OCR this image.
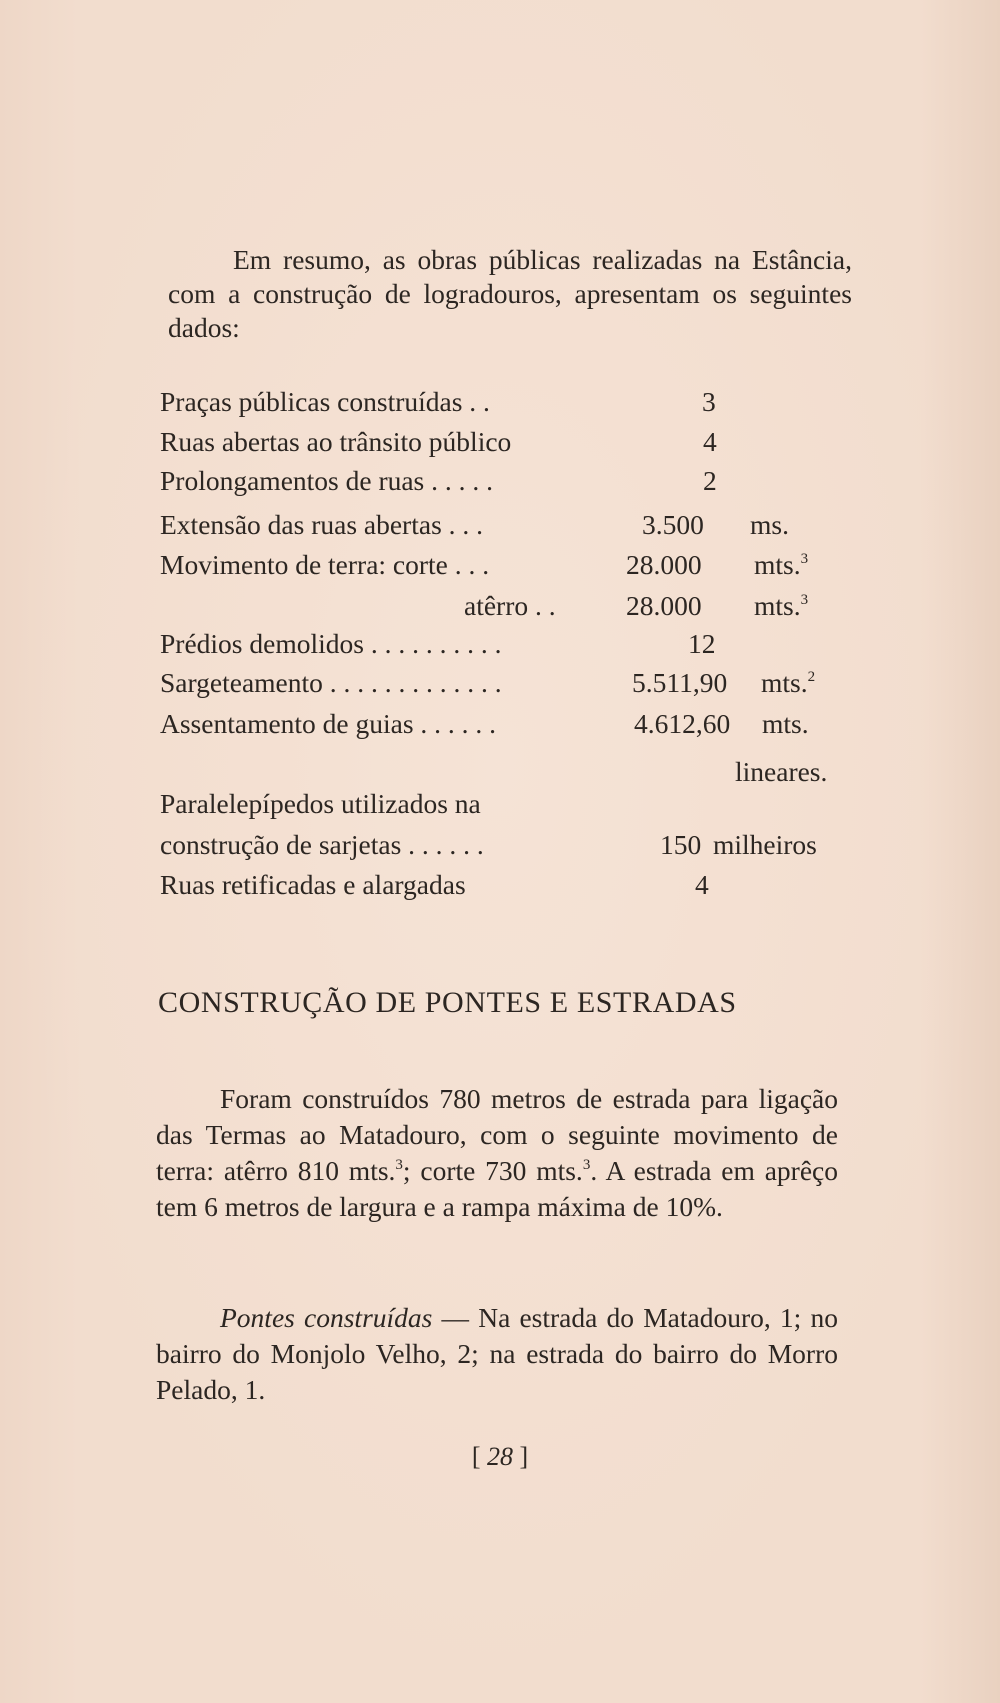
Em resumo, as obras públicas realizadas na Estância, com a construção de logradouros, apresentam os seguintes dados:
Praças públicas construídas . .	3
Ruas abertas ao trânsito público	4
Prolongamentos de ruas . . . . .	2
Extensão das ruas abertas . . .	3.500 ms.
Movimento de terra: corte . . .	28.000 mts.$^3$
atêrro . .	28.000 mts.$^3$
Prédios demolidos . . . . . . . . . .	12
Sargeteamento . . . . . . . . . . . . .	5.511,90 mts.$^2$
Assentamento de guias . . . . . .	4.612,60 mts.
lineares.
Paralelepípedos utilizados na
construção de sarjetas . . . . . .	150 milheiros
Ruas retificadas e alargadas	4
CONSTRUÇÃO DE PONTES E ESTRADAS
Foram construídos 780 metros de estrada para ligação das Termas ao Matadouro, com o seguinte movimento de terra: atêrro 810 mts.$^3$; corte 730 mts.$^3$. A estrada em aprêço tem 6 metros de largura e a rampa máxima de 10%.
Pontes construídas — Na estrada do Matadouro, 1; no bairro do Monjolo Velho, 2; na estrada do bairro do Morro Pelado, 1.
[ 28 ]
